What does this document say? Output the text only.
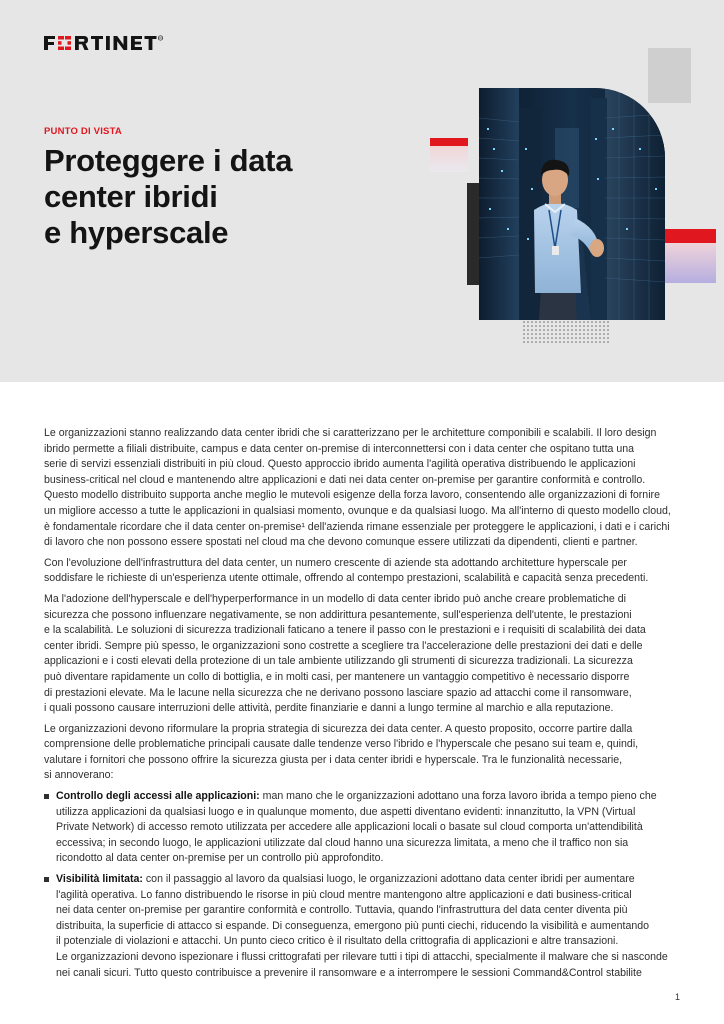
R
PUNTO DI VISTA
Proteggere i data
center ibridi
e hyperscale
Le organizzazioni stanno realizzando data center ibridi che si caratterizzano per le architetture componibili e scalabili. Il loro design
ibrido permette a filiali distribuite, campus e data center on-premise di interconnettersi con i data center che ospitano tutta una
serie di servizi essenziali distribuiti in più cloud. Questo approccio ibrido aumenta l'agilità operativa distribuendo le applicazioni
business-critical nel cloud e mantenendo altre applicazioni e dati nei data center on-premise per garantire conformità e controllo.
Questo modello distribuito supporta anche meglio le mutevoli esigenze della forza lavoro, consentendo alle organizzazioni di fornire
un migliore accesso a tutte le applicazioni in qualsiasi momento, ovunque e da qualsiasi luogo. Ma all'interno di questo modello cloud,
è fondamentale ricordare che il data center on-premise¹ dell'azienda rimane essenziale per proteggere le applicazioni, i dati e i carichi
di lavoro che non possono essere spostati nel cloud ma che devono comunque essere utilizzati da dipendenti, clienti e partner.
Con l'evoluzione dell'infrastruttura del data center, un numero crescente di aziende sta adottando architetture hyperscale per
soddisfare le richieste di un'esperienza utente ottimale, offrendo al contempo prestazioni, scalabilità e capacità senza precedenti.
Ma l'adozione dell'hyperscale e dell'hyperperformance in un modello di data center ibrido può anche creare problematiche di
sicurezza che possono influenzare negativamente, se non addirittura pesantemente, sull'esperienza dell'utente, le prestazioni
e la scalabilità. Le soluzioni di sicurezza tradizionali faticano a tenere il passo con le prestazioni e i requisiti di scalabilità dei data
center ibridi. Sempre più spesso, le organizzazioni sono costrette a scegliere tra l'accelerazione delle prestazioni dei dati e delle
applicazioni e i costi elevati della protezione di un tale ambiente utilizzando gli strumenti di sicurezza tradizionali. La sicurezza
può diventare rapidamente un collo di bottiglia, e in molti casi, per mantenere un vantaggio competitivo è necessario disporre
di prestazioni elevate. Ma le lacune nella sicurezza che ne derivano possono lasciare spazio ad attacchi come il ransomware,
i quali possono causare interruzioni delle attività, perdite finanziarie e danni a lungo termine al marchio e alla reputazione.
Le organizzazioni devono riformulare la propria strategia di sicurezza dei data center. A questo proposito, occorre partire dalla
comprensione delle problematiche principali causate dalle tendenze verso l'ibrido e l'hyperscale che pesano sui team e, quindi,
valutare i fornitori che possono offrire la sicurezza giusta per i data center ibridi e hyperscale. Tra le funzionalità necessarie,
si annoverano:
Controllo degli accessi alle applicazioni: man mano che le organizzazioni adottano una forza lavoro ibrida a tempo pieno che
utilizza applicazioni da qualsiasi luogo e in qualunque momento, due aspetti diventano evidenti: innanzitutto, la VPN (Virtual
Private Network) di accesso remoto utilizzata per accedere alle applicazioni locali o basate sul cloud comporta un'attendibilità
eccessiva; in secondo luogo, le applicazioni utilizzate dal cloud hanno una sicurezza limitata, a meno che il traffico non sia
ricondotto al data center on-premise per un controllo più approfondito.
Visibilità limitata: con il passaggio al lavoro da qualsiasi luogo, le organizzazioni adottano data center ibridi per aumentare
l'agilità operativa. Lo fanno distribuendo le risorse in più cloud mentre mantengono altre applicazioni e dati business-critical
nei data center on-premise per garantire conformità e controllo. Tuttavia, quando l'infrastruttura del data center diventa più
distribuita, la superficie di attacco si espande. Di conseguenza, emergono più punti ciechi, riducendo la visibilità e aumentando
il potenziale di violazioni e attacchi. Un punto cieco critico è il risultato della crittografia di applicazioni e altre transazioni.
Le organizzazioni devono ispezionare i flussi crittografati per rilevare tutti i tipi di attacchi, specialmente il malware che si nasconde
nei canali sicuri. Tutto questo contribuisce a prevenire il ransomware e a interrompere le sessioni Command&Control stabilite
1
